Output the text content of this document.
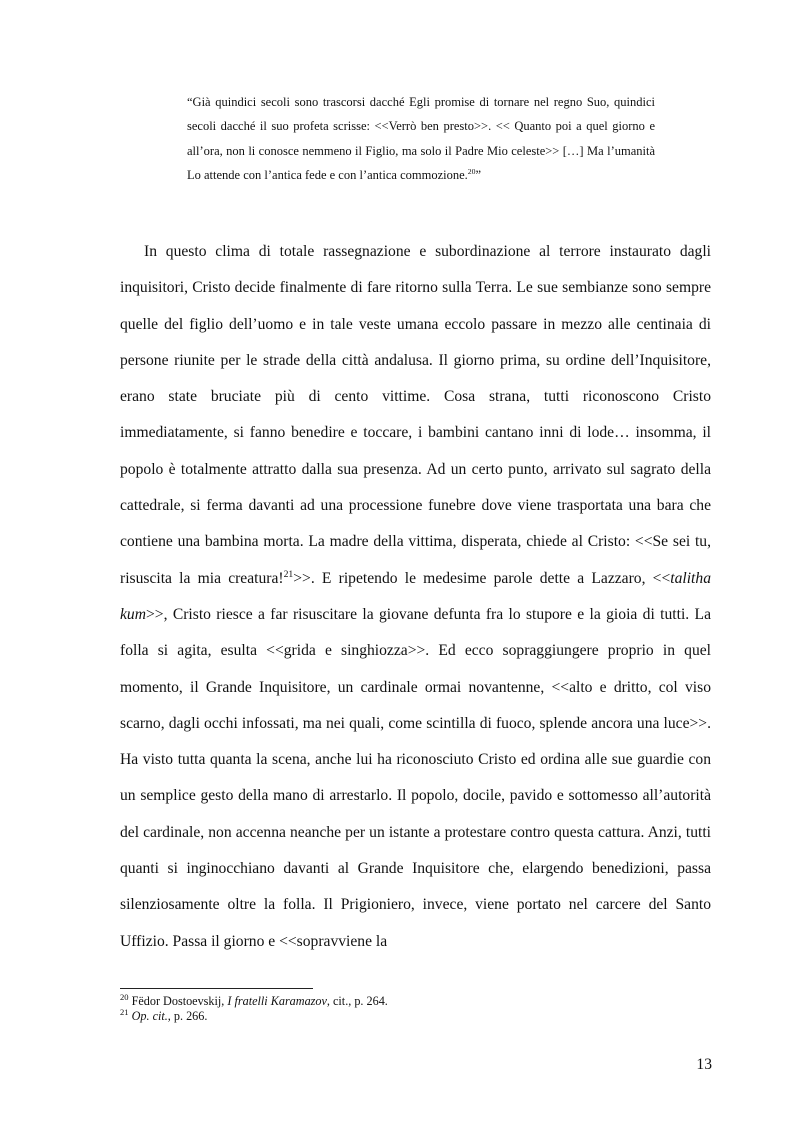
“Già quindici secoli sono trascorsi dacché Egli promise di tornare nel regno Suo, quindici secoli dacché il suo profeta scrisse: <<Verrò ben presto>>. << Quanto poi a quel giorno e all’ora, non li conosce nemmeno il Figlio, ma solo il Padre Mio celeste>> […] Ma l’umanità Lo attende con l’antica fede e con l’antica commozione.$^{20}$”

In questo clima di totale rassegnazione e subordinazione al terrore instaurato dagli inquisitori, Cristo decide finalmente di fare ritorno sulla Terra. Le sue sembianze sono sempre quelle del figlio dell’uomo e in tale veste umana eccolo passare in mezzo alle centinaia di persone riunite per le strade della città andalusa. Il giorno prima, su ordine dell’Inquisitore, erano state bruciate più di cento vittime. Cosa strana, tutti riconoscono Cristo immediatamente, si fanno benedire e toccare, i bambini cantano inni di lode… insomma, il popolo è totalmente attratto dalla sua presenza. Ad un certo punto, arrivato sul sagrato della cattedrale, si ferma davanti ad una processione funebre dove viene trasportata una bara che contiene una bambina morta. La madre della vittima, disperata, chiede al Cristo: <<Se sei tu, risuscita la mia creatura!$^{21}$>>. E ripetendo le medesime parole dette a Lazzaro, <<talitha kum>>, Cristo riesce a far risuscitare la giovane defunta fra lo stupore e la gioia di tutti. La folla si agita, esulta <<grida e singhiozza>>. Ed ecco sopraggiungere proprio in quel momento, il Grande Inquisitore, un cardinale ormai novantenne, <<alto e dritto, col viso scarno, dagli occhi infossati, ma nei quali, come scintilla di fuoco, splende ancora una luce>>. Ha visto tutta quanta la scena, anche lui ha riconosciuto Cristo ed ordina alle sue guardie con un semplice gesto della mano di arrestarlo. Il popolo, docile, pavido e sottomesso all’autorità del cardinale, non accenna neanche per un istante a protestare contro questa cattura. Anzi, tutti quanti si inginocchiano davanti al Grande Inquisitore che, elargendo benedizioni, passa silenziosamente oltre la folla. Il Prigioniero, invece, viene portato nel carcere del Santo Uffizio. Passa il giorno e <<sopravviene la

$^{20}$ Fëdor Dostoevskij, I fratelli Karamazov, cit., p. 264.
$^{21}$ Op. cit., p. 266.
13
